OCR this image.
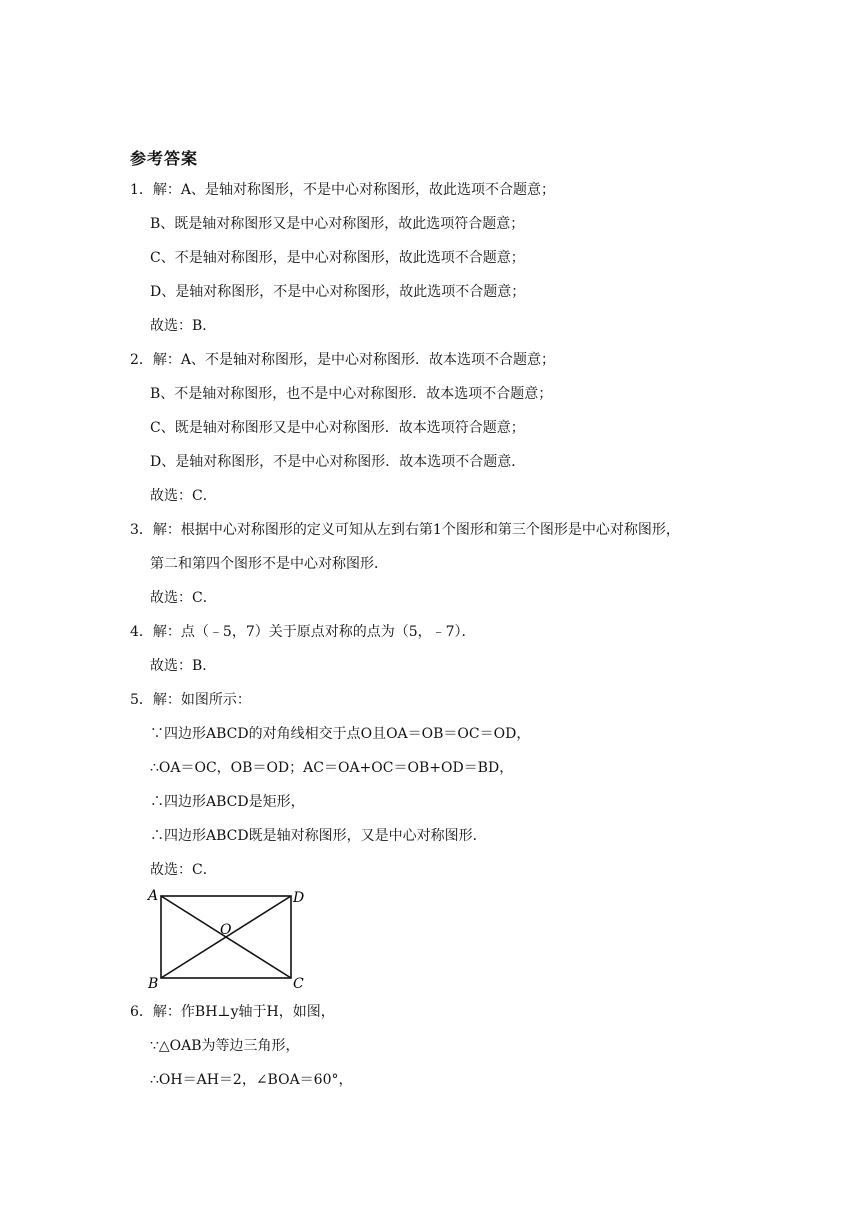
参考答案
1．解：A、是轴对称图形，不是中心对称图形，故此选项不合题意；
B、既是轴对称图形又是中心对称图形，故此选项符合题意；
C、不是轴对称图形，是中心对称图形，故此选项不合题意；
D、是轴对称图形，不是中心对称图形，故此选项不合题意；
故选：B．
2．解：A、不是轴对称图形，是中心对称图形．故本选项不合题意；
B、不是轴对称图形，也不是中心对称图形．故本选项不合题意；
C、既是轴对称图形又是中心对称图形．故本选项符合题意；
D、是轴对称图形，不是中心对称图形．故本选项不合题意．
故选：C．
3．解：根据中心对称图形的定义可知从左到右第1个图形和第三个图形是中心对称图形，
第二和第四个图形不是中心对称图形．
故选：C．
4．解：点（﹣5，7）关于原点对称的点为（5，﹣7）．
故选：B．
5．解：如图所示：
∵四边形ABCD的对角线相交于点O且OA＝OB＝OC＝OD，
∴OA＝OC，OB＝OD；AC＝OA+OC＝OB+OD＝BD，
∴四边形ABCD是矩形，
∴四边形ABCD既是轴对称图形，又是中心对称图形．
故选：C．
A	D
O
B	C
6．解：作BH⊥y轴于H，如图，
∵△OAB为等边三角形，
∴OH＝AH＝2，∠BOA＝60°，
